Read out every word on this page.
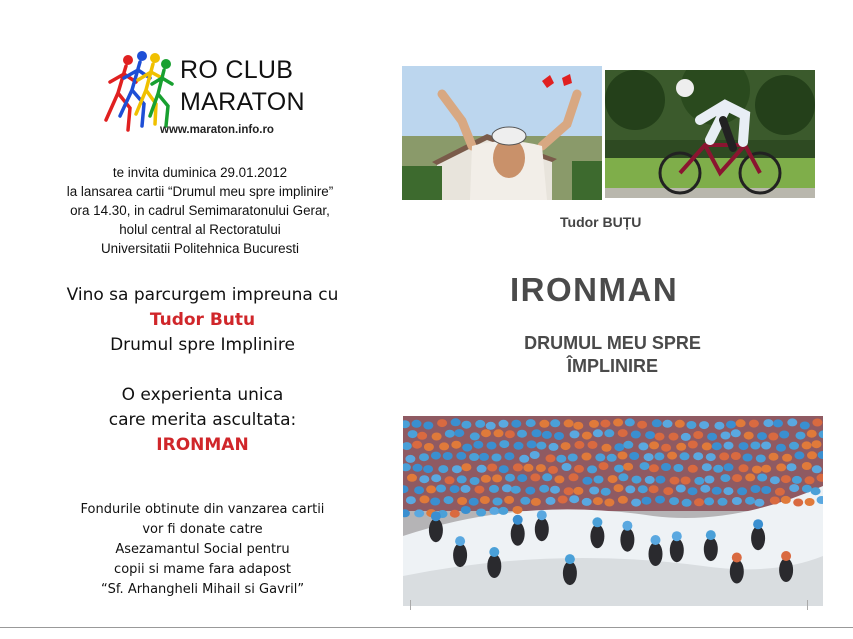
RO CLUB
MARATON
www.maraton.info.ro
te invita duminica 29.01.2012
la lansarea cartii “Drumul meu spre implinire”
ora 14.30, in cadrul Semimaratonului Gerar,
holul central al Rectoratului
Universitatii Politehnica Bucuresti
Vino sa parcurgem impreuna cu
Tudor Butu
Drumul spre Implinire
O experienta unica
care merita ascultata:
IRONMAN
Fondurile obtinute din vanzarea cartii
vor fi donate catre
Asezamantul Social pentru
copii si mame fara adapost
“Sf. Arhangheli Mihail si Gavril”
Tudor BUȚU
IRONMAN
DRUMUL MEU SPRE
ÎMPLINIRE
